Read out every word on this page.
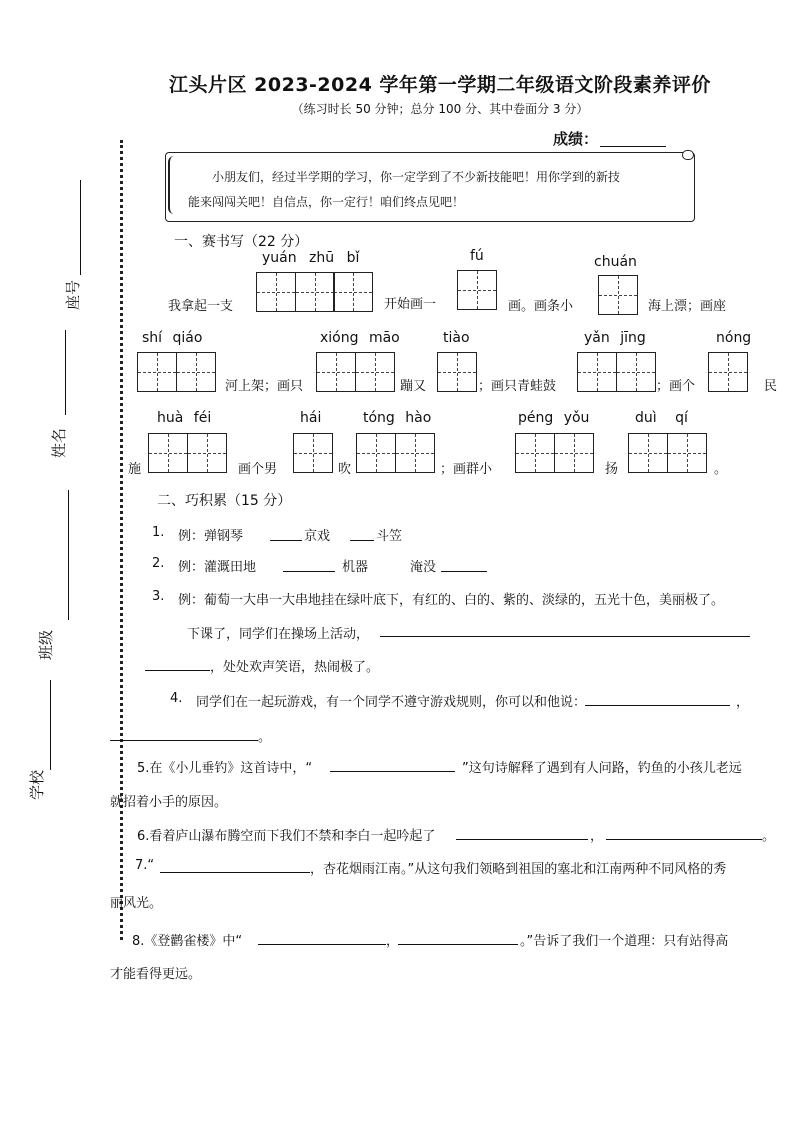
江头片区 2023-2024 学年第一学期二年级语文阶段素养评价
（练习时长 50 分钟；总分 100 分、其中卷面分 3 分）
成绩：
座号
姓名
班级
学校
小朋友们，经过半学期的学习，你一定学到了不少新技能吧！用你学到的新技
能来闯闯关吧！自信点，你一定行！咱们终点见吧！
一、赛书写（22 分）
yuán zhū bǐ
我拿起一支	开始画一
fú
画。画条小
chuán
海上漂；画座
shí qiáo
河上架；画只
xióng māo
蹦又
tiào
；画只青蛙鼓
yǎn jīng
；画个
nóng
民
施
huà féi
画个男
hái
吹
tóng hào
；画群小
péng yǒu
扬
duì qí
。
二、巧积累（15 分）
1. 例：弹钢琴	京戏	斗笠
2. 例：灌溉田地	机器	淹没
3. 例：葡萄一大串一大串地挂在绿叶底下，有红的、白的、紫的、淡绿的，五光十色，美丽极了。
下课了，同学们在操场上活动，
，处处欢声笑语，热闹极了。
4. 同学们在一起玩游戏，有一个同学不遵守游戏规则，你可以和他说：	，
。
5.在《小儿垂钓》这首诗中，“	”这句诗解释了遇到有人问路，钓鱼的小孩儿老远
就招着小手的原因。
6.看着庐山瀑布腾空而下我们不禁和李白一起吟起了	，	。
7.“	，杏花烟雨江南。”从这句我们领略到祖国的塞北和江南两种不同风格的秀
丽风光。
8.《登鹳雀楼》中“	，	。”告诉了我们一个道理：只有站得高
才能看得更远。
